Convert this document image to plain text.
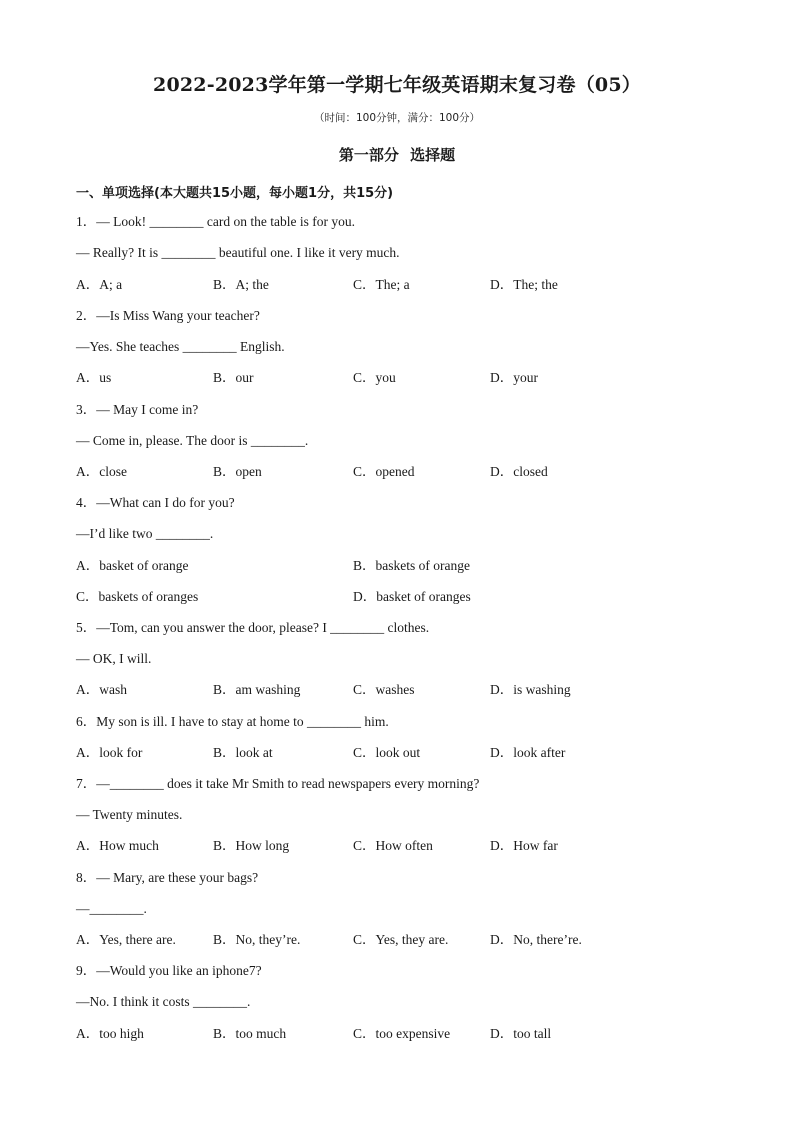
2022-2023学年第一学期七年级英语期末复习卷（05）
（时间：100分钟，满分：100分）
第一部分 选择题
一、单项选择(本大题共15小题，每小题1分，共15分)
1．— Look! ________ card on the table is for you.
— Really? It is ________ beautiful one. I like it very much.
A．A; a	B．A; the	C．The; a	D．The; the
2．—Is Miss Wang your teacher?
—Yes. She teaches ________ English.
A．us	B．our	C．you	D．your
3．— May I come in?
— Come in, please. The door is ________.
A．close	B．open	C．opened	D．closed
4．—What can I do for you?
—I’d like two ________.
A．basket of orange	B．baskets of orange
C．baskets of oranges	D．basket of oranges
5．—Tom, can you answer the door, please? I ________ clothes.
— OK, I will.
A．wash	B．am washing	C．washes	D．is washing
6．My son is ill. I have to stay at home to ________ him.
A．look for	B．look at	C．look out	D．look after
7．—________ does it take Mr Smith to read newspapers every morning?
— Twenty minutes.
A．How much	B．How long	C．How often	D．How far
8．— Mary, are these your bags?
—________.
A．Yes, there are.	B．No, they’re.	C．Yes, they are.	D．No, there’re.
9．—Would you like an iphone7?
—No. I think it costs ________.
A．too high	B．too much	C．too expensive	D．too tall
